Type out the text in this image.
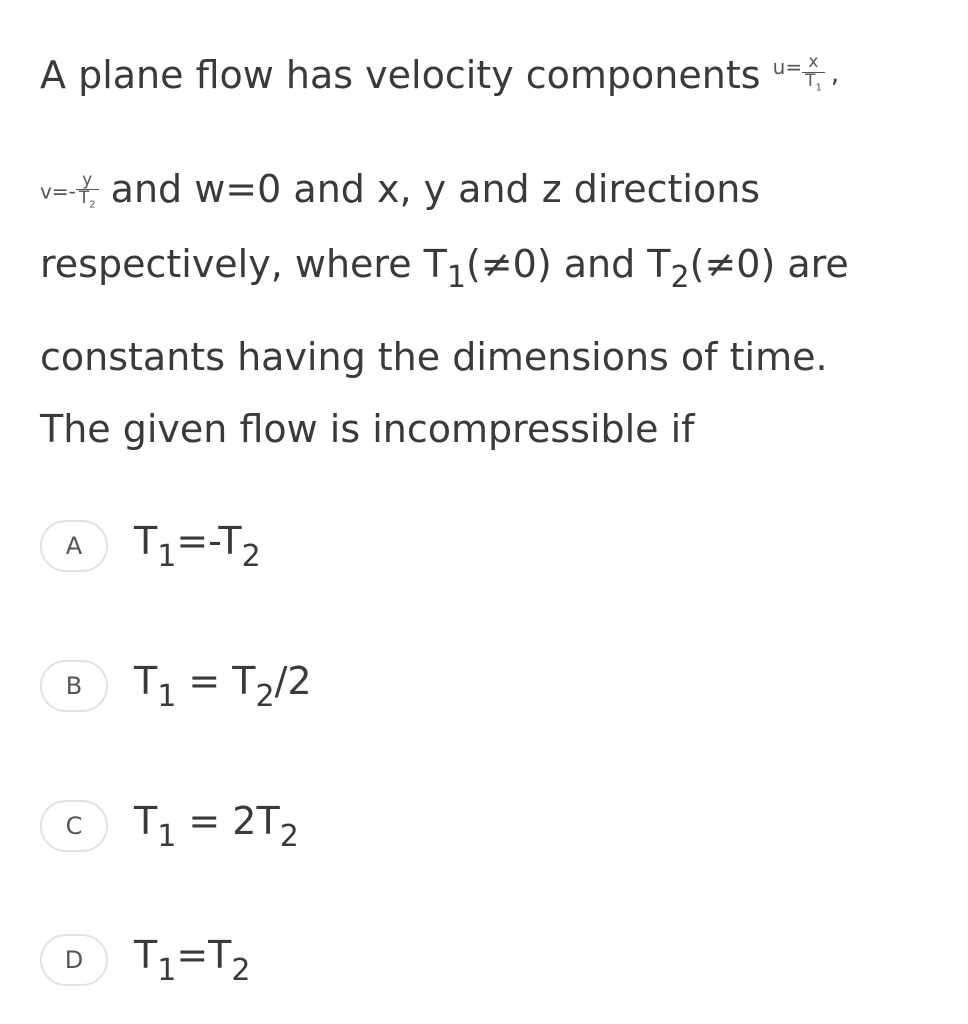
A plane flow has velocity components $^{u=} \frac{x}{T_1}$ ,
$v=- \frac{y}{T_2}$ and w=0 and x, y and z directions
respectively, where $T_1(\ne 0)$ and $T_2(\ne 0)$ are
constants having the dimensions of time.
The given flow is incompressible if
A	$T_1=-T_2$
B	$T_1 = T_2/2$
C	$T_1 = 2T_2$
D	$T_1=T_2$
